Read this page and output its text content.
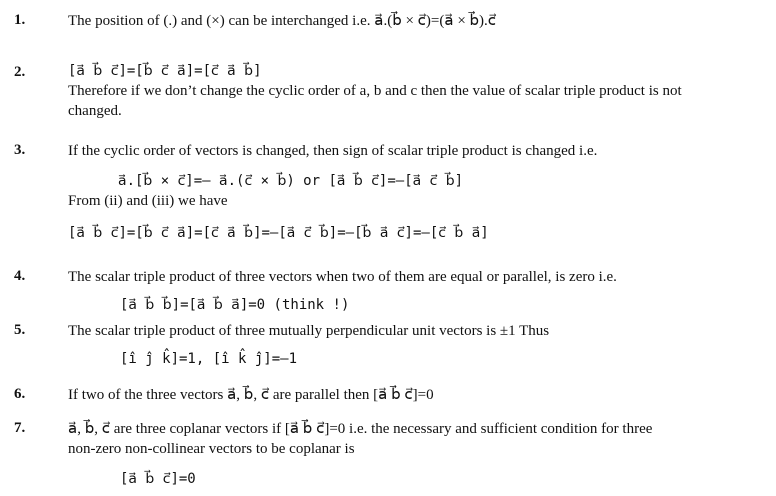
1.	The position of (.) and (×) can be interchanged i.e. a⃗.(b⃗ × c⃗)=(a⃗ × b⃗).c⃗
2.	[a⃗ b⃗ c⃗]=[b⃗ c⃗ a⃗]=[c⃗ a⃗ b⃗]
Therefore if we don’t change the cyclic order of a, b and c then the value of scalar triple product is not
changed.
3.	If the cyclic order of vectors is changed, then sign of scalar triple product is changed i.e.
a⃗.[b⃗ × c⃗]=– a⃗.(c⃗ × b⃗) or [a⃗ b⃗ c⃗]=–[a⃗ c⃗ b⃗]
From (ii) and (iii) we have
[a⃗ b⃗ c⃗]=[b⃗ c⃗ a⃗]=[c⃗ a⃗ b⃗]=–[a⃗ c⃗ b⃗]=–[b⃗ a⃗ c⃗]=–[c⃗ b⃗ a⃗]
4.	The scalar triple product of three vectors when two of them are equal or parallel, is zero i.e.
[a⃗ b⃗ b⃗]=[a⃗ b⃗ a⃗]=0 (think !)
5.	The scalar triple product of three mutually perpendicular unit vectors is ±1 Thus
[î ĵ k̂]=1, [î k̂ ĵ]=–1
6.	If two of the three vectors a⃗, b⃗, c⃗ are parallel then [a⃗ b⃗ c⃗]=0
7.	a⃗, b⃗, c⃗ are three coplanar vectors if [a⃗ b⃗ c⃗]=0 i.e. the necessary and sufficient condition for three
non-zero non-collinear vectors to be coplanar is
[a⃗ b⃗ c⃗]=0
